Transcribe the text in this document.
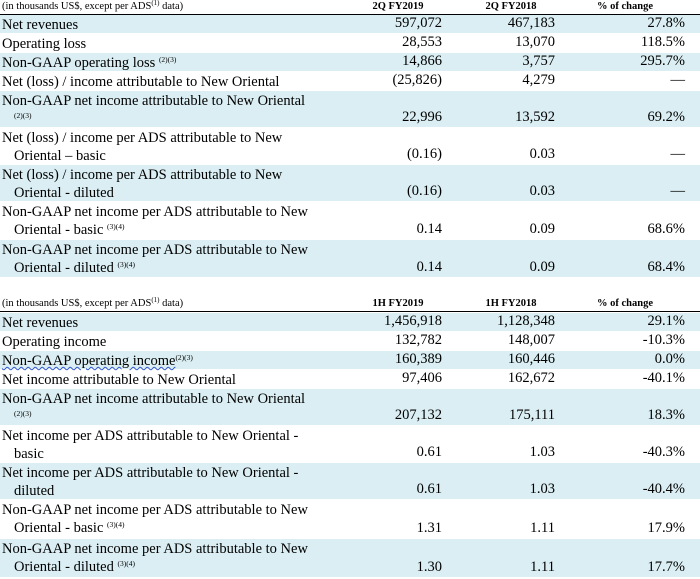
(in thousands US$, except per ADS$^{(1)}$ data)	2Q FY2019	2Q FY2018	% of change
Net revenues	597,072	467,183	27.8%
Operating loss	28,553	13,070	118.5%
Non-GAAP operating loss $^{(2)(3)}$	14,866	3,757	295.7%
Net (loss) / income attributable to New Oriental	(25,826)	4,279	—
Non-GAAP net income attributable to New Oriental
$^{(2)(3)}$	22,996	13,592	69.2%
Net (loss) / income per ADS attributable to New
Oriental – basic	(0.16)	0.03	—
Net (loss) / income per ADS attributable to New
Oriental - diluted	(0.16)	0.03	—
Non-GAAP net income per ADS attributable to New
Oriental - basic $^{(3)(4)}$	0.14	0.09	68.6%
Non-GAAP net income per ADS attributable to New
Oriental - diluted $^{(3)(4)}$	0.14	0.09	68.4%
(in thousands US$, except per ADS$^{(1)}$ data)	1H FY2019	1H FY2018	% of change
Net revenues	1,456,918	1,128,348	29.1%
Operating income	132,782	148,007	-10.3%
Non-GAAP operating income$^{(2)(3)}$	160,389	160,446	0.0%
Net income attributable to New Oriental	97,406	162,672	-40.1%
Non-GAAP net income attributable to New Oriental
$^{(2)(3)}$	207,132	175,111	18.3%
Net income per ADS attributable to New Oriental -
basic	0.61	1.03	-40.3%
Net income per ADS attributable to New Oriental -
diluted	0.61	1.03	-40.4%
Non-GAAP net income per ADS attributable to New
Oriental - basic $^{(3)(4)}$	1.31	1.11	17.9%
Non-GAAP net income per ADS attributable to New
Oriental - diluted $^{(3)(4)}$	1.30	1.11	17.7%
